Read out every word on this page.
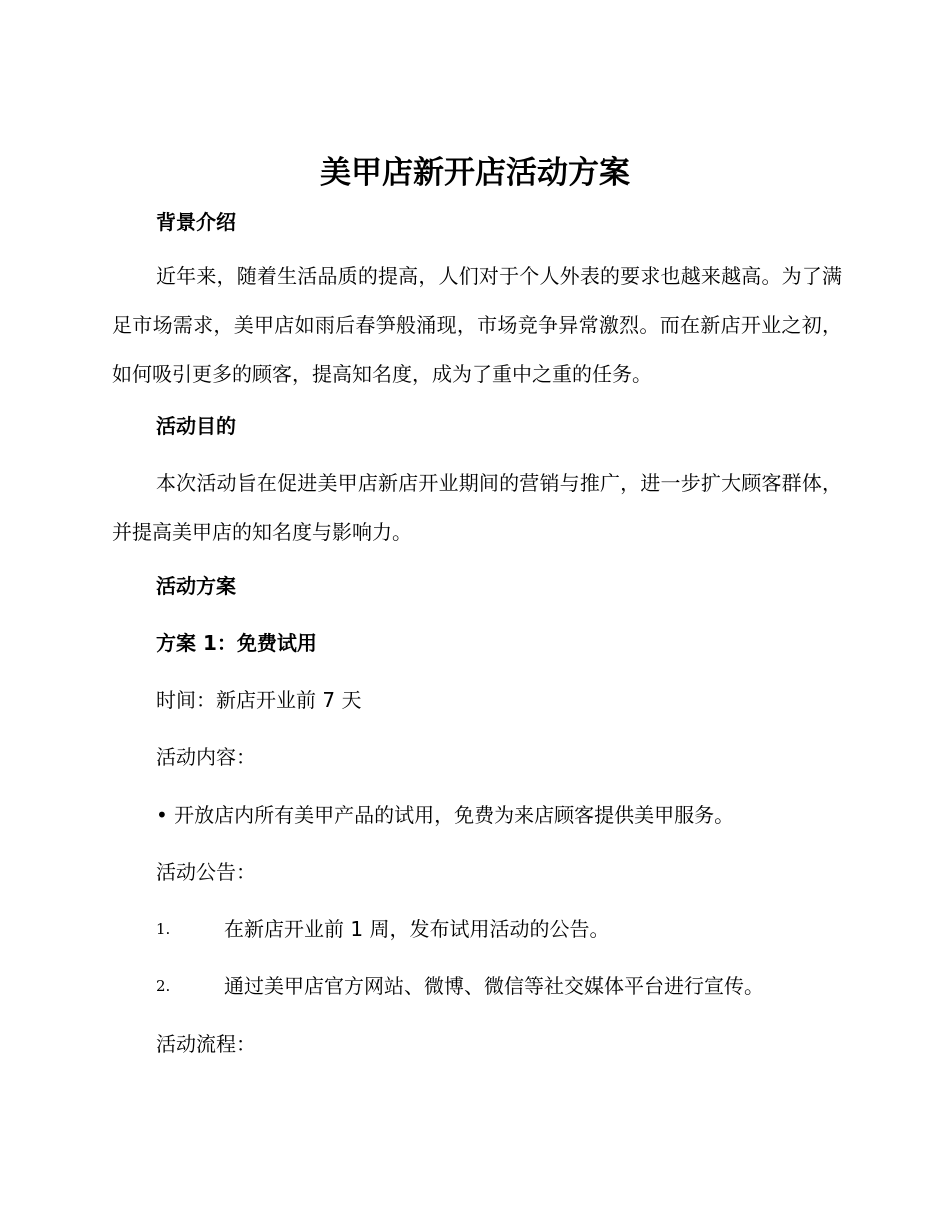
美甲店新开店活动方案
背景介绍

近年来，随着生活品质的提高，人们对于个人外表的要求也越来越高。为了满足市场需求，美甲店如雨后春笋般涌现，市场竞争异常激烈。而在新店开业之初，如何吸引更多的顾客，提高知名度，成为了重中之重的任务。

活动目的

本次活动旨在促进美甲店新店开业期间的营销与推广，进一步扩大顾客群体，并提高美甲店的知名度与影响力。

活动方案
方案 1：免费试用

时间：新店开业前 7 天

活动内容：

• 开放店内所有美甲产品的试用，免费为来店顾客提供美甲服务。

活动公告：

1.	在新店开业前 1 周，发布试用活动的公告。
2.	通过美甲店官方网站、微博、微信等社交媒体平台进行宣传。

活动流程：
